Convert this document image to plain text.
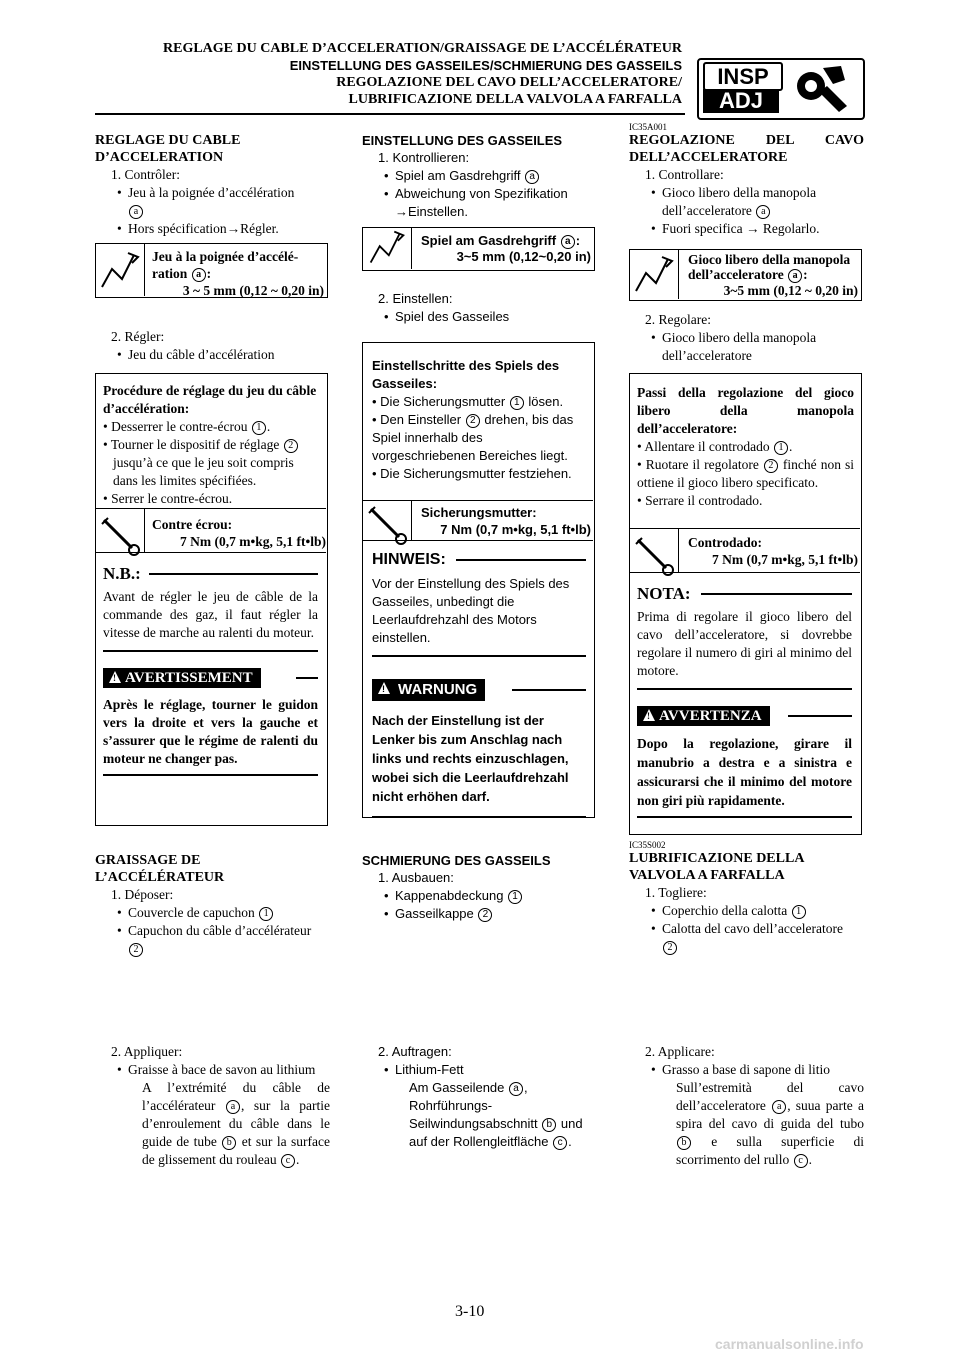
REGLAGE DU CABLE D’ACCELERATION/GRAISSAGE DE L’ACCÉLÉRATEUR
EINSTELLUNG DES GASSEILES/SCHMIERUNG DES GASSEILS
REGOLAZIONE DEL CAVO DELL’ACCELERATORE/
LUBRIFICAZIONE DELLA VALVOLA A FARFALLA
INSP
ADJ
REGLAGE DU CABLE D’ACCELERATION
1. Contrôler:
• Jeu à la poignée d’accélération
a
• Hors spécification→Régler.
Jeu à la poignée d’accélé-ration a :
3 ~ 5 mm (0,12 ~ 0,20 in)
2. Régler:
• Jeu du câble d’accélération
Procédure de réglage du jeu du câble d’accélération:
• Desserrer le contre-écrou 1 .
• Tourner le dispositif de réglage 2
jusqu’à ce que le jeu soit compris dans les limites spécifiées.
• Serrer le contre-écrou.
Contre écrou:
7 Nm (0,7 m•kg, 5,1 ft•lb)
N.B.:
Avant de régler le jeu de câble de la commande des gaz, il faut régler la vitesse de marche au ralenti du moteur.
AVERTISSEMENT !
Après le réglage, tourner le guidon vers la droite et vers la gauche et s’assurer que le régime de ralenti du moteur ne changer pas.
GRAISSAGE DE L’ACCÉLÉRATEUR
1. Déposer:
• Couvercle de capuchon 1
• Capuchon du câble d’accélérateur 2
2. Appliquer:
• Graisse à bace de savon au lithium
A l’extrémité du câble de l’accélérateur a , sur la partie d’enroulement du câble dans le guide de tube b et sur la surface de glissement du rouleau c .
EINSTELLUNG DES GASSEILES
1. Kontrollieren:
• Spiel am Gasdrehgriff a
• Abweichung von Spezifikation →Einstellen.
Spiel am Gasdrehgriff a :
3~5 mm (0,12~0,20 in)
2. Einstellen:
• Spiel des Gasseiles
Einstellschritte des Spiels des Gasseiles:
• Die Sicherungsmutter 1 lösen.
• Den Einsteller 2 drehen, bis das Spiel innerhalb des vorgeschriebenen Bereiches liegt.
• Die Sicherungsmutter festziehen.
Sicherungsmutter:
7 Nm (0,7 m•kg, 5,1 ft•lb)
HINWEIS:
Vor der Einstellung des Spiels des Gasseiles, unbedingt die Leerlaufdrehzahl des Motors einstellen.
WARNUNG !
Nach der Einstellung ist der Lenker bis zum Anschlag nach links und rechts einzuschlagen, wobei sich die Leerlaufdrehzahl nicht erhöhen darf.
SCHMIERUNG DES GASSEILS
1. Ausbauen:
• Kappenabdeckung 1
• Gasseilkappe 2
2. Auftragen:
• Lithium-Fett
Am Gasseilende a , Rohrführungs-Seilwindungsabschnitt b und auf der Rollengleitfläche c .
IC35A001
REGOLAZIONE DEL CAVO DELL’ACCELERATORE
1. Controllare:
• Gioco libero della manopola dell’acceleratore a
• Fuori specifica → Regolarlo.
Gioco libero della manopola dell’acceleratore a :
3~5 mm (0,12 ~ 0,20 in)
2. Regolare:
• Gioco libero della manopola dell’acceleratore
Passi della regolazione del gioco libero della manopola dell’acceleratore:
• Allentare il controdado 1 .
• Ruotare il regolatore 2 finché non si ottiene il gioco libero specificato.
• Serrare il controdado.
Controdado:
7 Nm (0,7 m•kg, 5,1 ft•lb)
NOTA:
Prima di regolare il gioco libero del cavo dell’acceleratore, si dovrebbe regolare il numero di giri al minimo del motore.
AVVERTENZA !
Dopo la regolazione, girare il manubrio a destra e a sinistra e assicurarsi che il minimo del motore non giri più rapidamente.
IC35S002
LUBRIFICAZIONE DELLA VALVOLA A FARFALLA
1. Togliere:
• Coperchio della calotta 1
• Calotta del cavo dell’acceleratore
2
2. Applicare:
• Grasso a base di sapone di litio
Sull’estremità del cavo dell’acceleratore a , suua parte a spira del cavo di guida del tubo b e sulla superficie di scorrimento del rullo c .
3-10
carmanualsonline.info
